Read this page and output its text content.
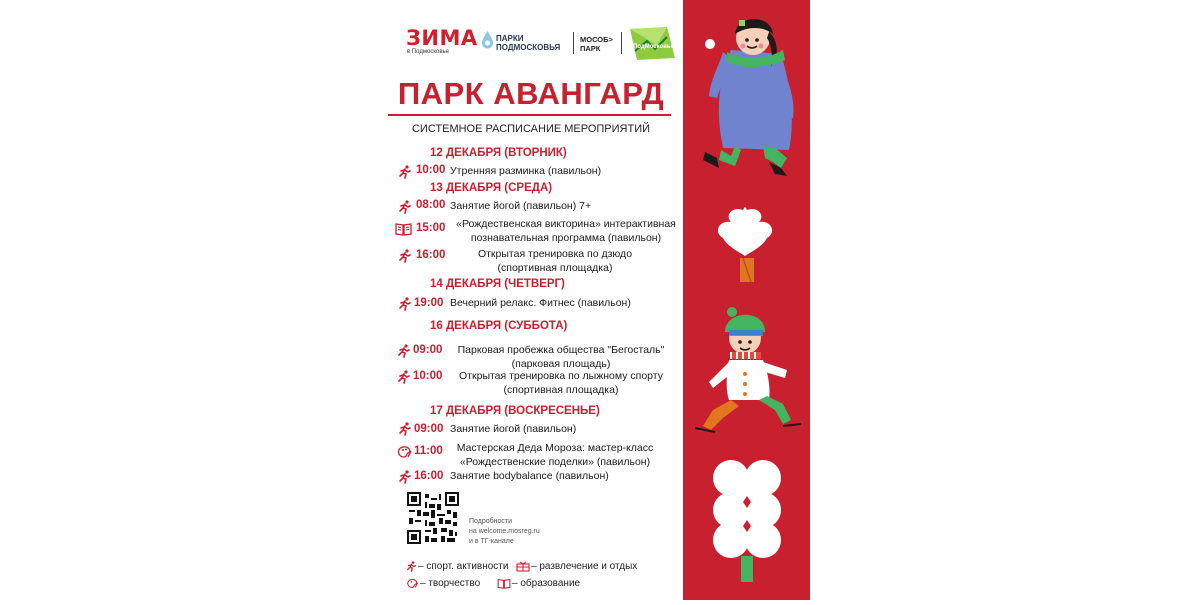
ЗИМА
в Подмосковье
ПАРКИ
ПОДМОСКОВЬЯ
МОСОБ>
ПАРК	ПодМосковье
ПАРК АВАНГАРД
СИСТЕМНОЕ РАСПИСАНИЕ МЕРОПРИЯТИЙ
12 ДЕКАБРЯ (ВТОРНИК)
10:00 Утренняя разминка (павильон)
13 ДЕКАБРЯ (СРЕДА)
08:00 Занятие йогой (павильон) 7+
15:00	«Рождественская викторина» интерактивная
познавательная программа (павильон)
16:00	Открытая тренировка по дзюдо
(спортивная площадка)
14 ДЕКАБРЯ (ЧЕТВЕРГ)
19:00 Вечерний релакс. Фитнес (павильон)
16 ДЕКАБРЯ (СУББОТА)
09:00	Парковая пробежка общества "Бегосталь"
(парковая площадь)
10:00	Открытая тренировка по лыжному спорту
(спортивная площадка)
17 ДЕКАБРЯ (ВОСКРЕСЕНЬЕ)
09:00 Занятие йогой (павильон)
11:00	Мастерская Деда Мороза: мастер-класс
«Рождественские поделки» (павильон)
16:00 Занятие bodybalance (павильон)
Подробности
на welcome.mosreg.ru
и в ТГ-канале
– спорт. активности – развлечение и отдых
– творчество	– образование
